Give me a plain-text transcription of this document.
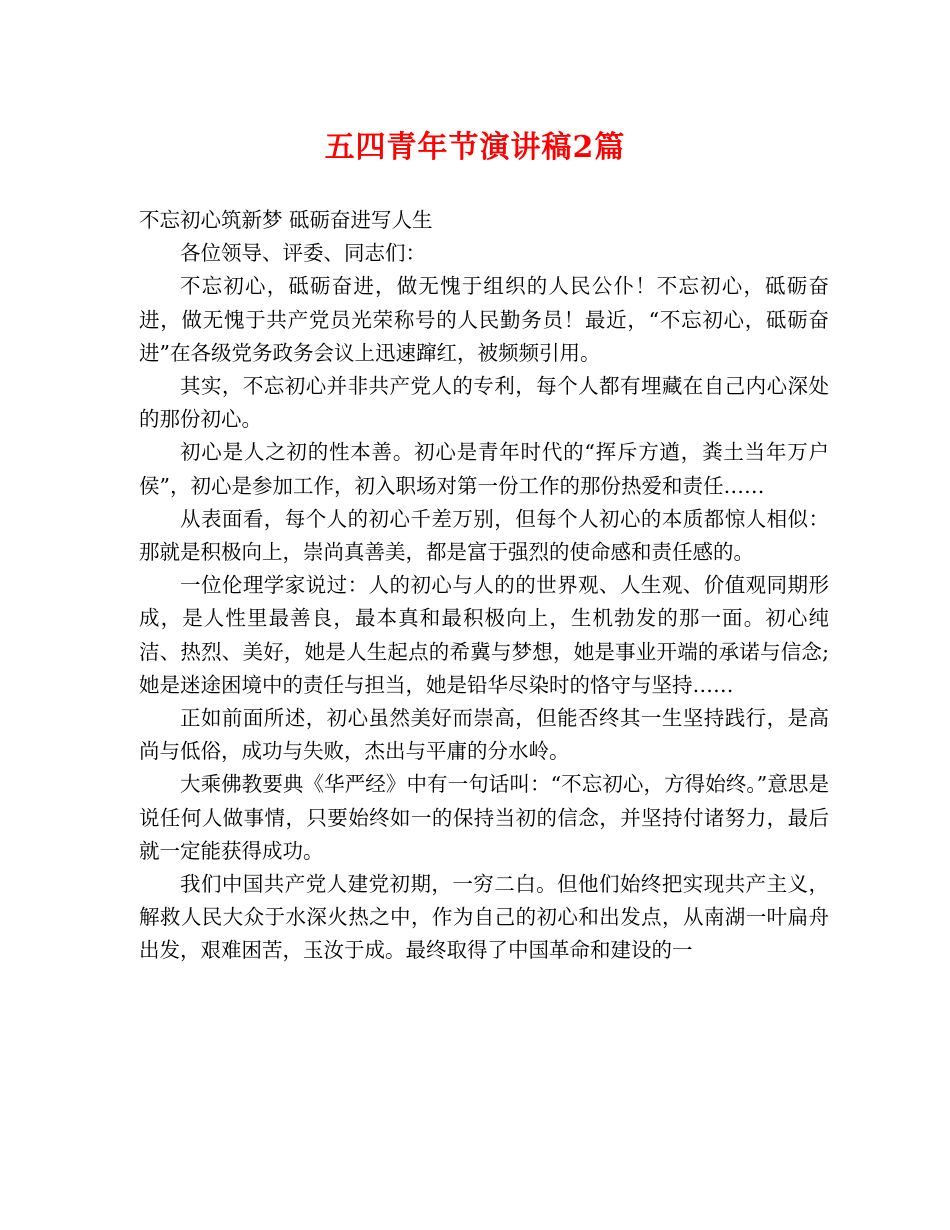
五四青年节演讲稿2篇

不忘初心筑新梦 砥砺奋进写人生

各位领导、评委、同志们：

不忘初心，砥砺奋进，做无愧于组织的人民公仆！不忘初心，砥砺奋进，做无愧于共产党员光荣称号的人民勤务员！最近，“不忘初心，砥砺奋进”在各级党务政务会议上迅速蹿红，被频频引用。

其实，不忘初心并非共产党人的专利，每个人都有埋藏在自己内心深处的那份初心。

初心是人之初的性本善。初心是青年时代的“挥斥方遒，粪土当年万户侯”，初心是参加工作，初入职场对第一份工作的那份热爱和责任……

从表面看，每个人的初心千差万别，但每个人初心的本质都惊人相似：那就是积极向上，崇尚真善美，都是富于强烈的使命感和责任感的。

一位伦理学家说过：人的初心与人的的世界观、人生观、价值观同期形成，是人性里最善良，最本真和最积极向上，生机勃发的那一面。初心纯洁、热烈、美好，她是人生起点的希冀与梦想，她是事业开端的承诺与信念;她是迷途困境中的责任与担当，她是铅华尽染时的恪守与坚持……

正如前面所述，初心虽然美好而崇高，但能否终其一生坚持践行，是高尚与低俗，成功与失败，杰出与平庸的分水岭。

大乘佛教要典《华严经》中有一句话叫：“不忘初心，方得始终。”意思是说任何人做事情，只要始终如一的保持当初的信念，并坚持付诸努力，最后就一定能获得成功。

我们中国共产党人建党初期，一穷二白。但他们始终把实现共产主义，解救人民大众于水深火热之中，作为自己的初心和出发点，从南湖一叶扁舟出发，艰难困苦，玉汝于成。最终取得了中国革命和建设的一
